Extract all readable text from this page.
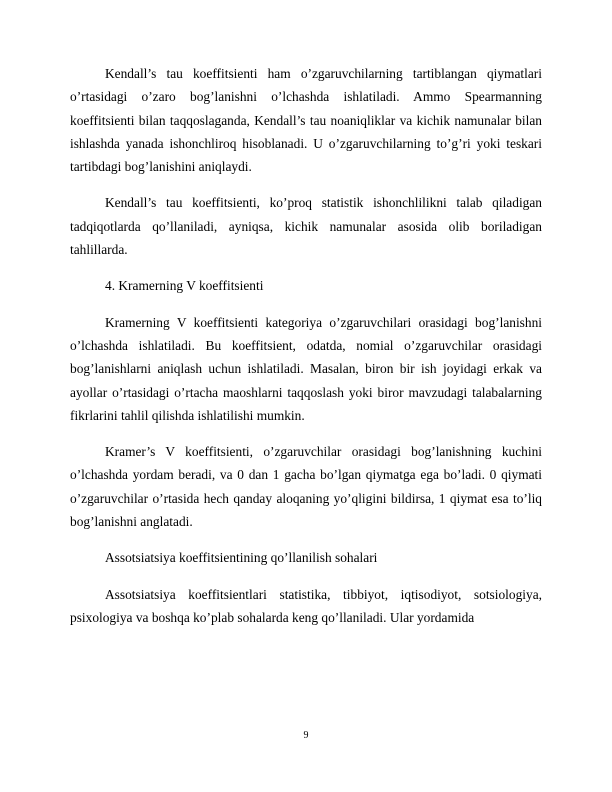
Kendall’s tau koeffitsienti ham o’zgaruvchilarning tartiblangan qiymatlari o’rtasidagi o’zaro bog’lanishni o’lchashda ishlatiladi. Ammo Spearmanning koeffitsienti bilan taqqoslaganda, Kendall’s tau noaniqliklar va kichik namunalar bilan ishlashda yanada ishonchliroq hisoblanadi. U o’zgaruvchilarning to’g’ri yoki teskari tartibdagi bog’lanishini aniqlaydi.

Kendall’s tau koeffitsienti, ko’proq statistik ishonchlilikni talab qiladigan tadqiqotlarda qo’llaniladi, ayniqsa, kichik namunalar asosida olib boriladigan tahlillarda.

4. Kramerning V koeffitsienti

Kramerning V koeffitsienti kategoriya o’zgaruvchilari orasidagi bog’lanishni o’lchashda ishlatiladi. Bu koeffitsient, odatda, nomial o’zgaruvchilar orasidagi bog’lanishlarni aniqlash uchun ishlatiladi. Masalan, biron bir ish joyidagi erkak va ayollar o’rtasidagi o’rtacha maoshlarni taqqoslash yoki biror mavzudagi talabalarning fikrlarini tahlil qilishda ishlatilishi mumkin.

Kramer’s V koeffitsienti, o’zgaruvchilar orasidagi bog’lanishning kuchini o’lchashda yordam beradi, va 0 dan 1 gacha bo’lgan qiymatga ega bo’ladi. 0 qiymati o’zgaruvchilar o’rtasida hech qanday aloqaning yo’qligini bildirsa, 1 qiymat esa to’liq bog’lanishni anglatadi.

Assotsiatsiya koeffitsientining qo’llanilish sohalari

Assotsiatsiya koeffitsientlari statistika, tibbiyot, iqtisodiyot, sotsiologiya, psixologiya va boshqa ko’plab sohalarda keng qo’llaniladi. Ular yordamida

9
